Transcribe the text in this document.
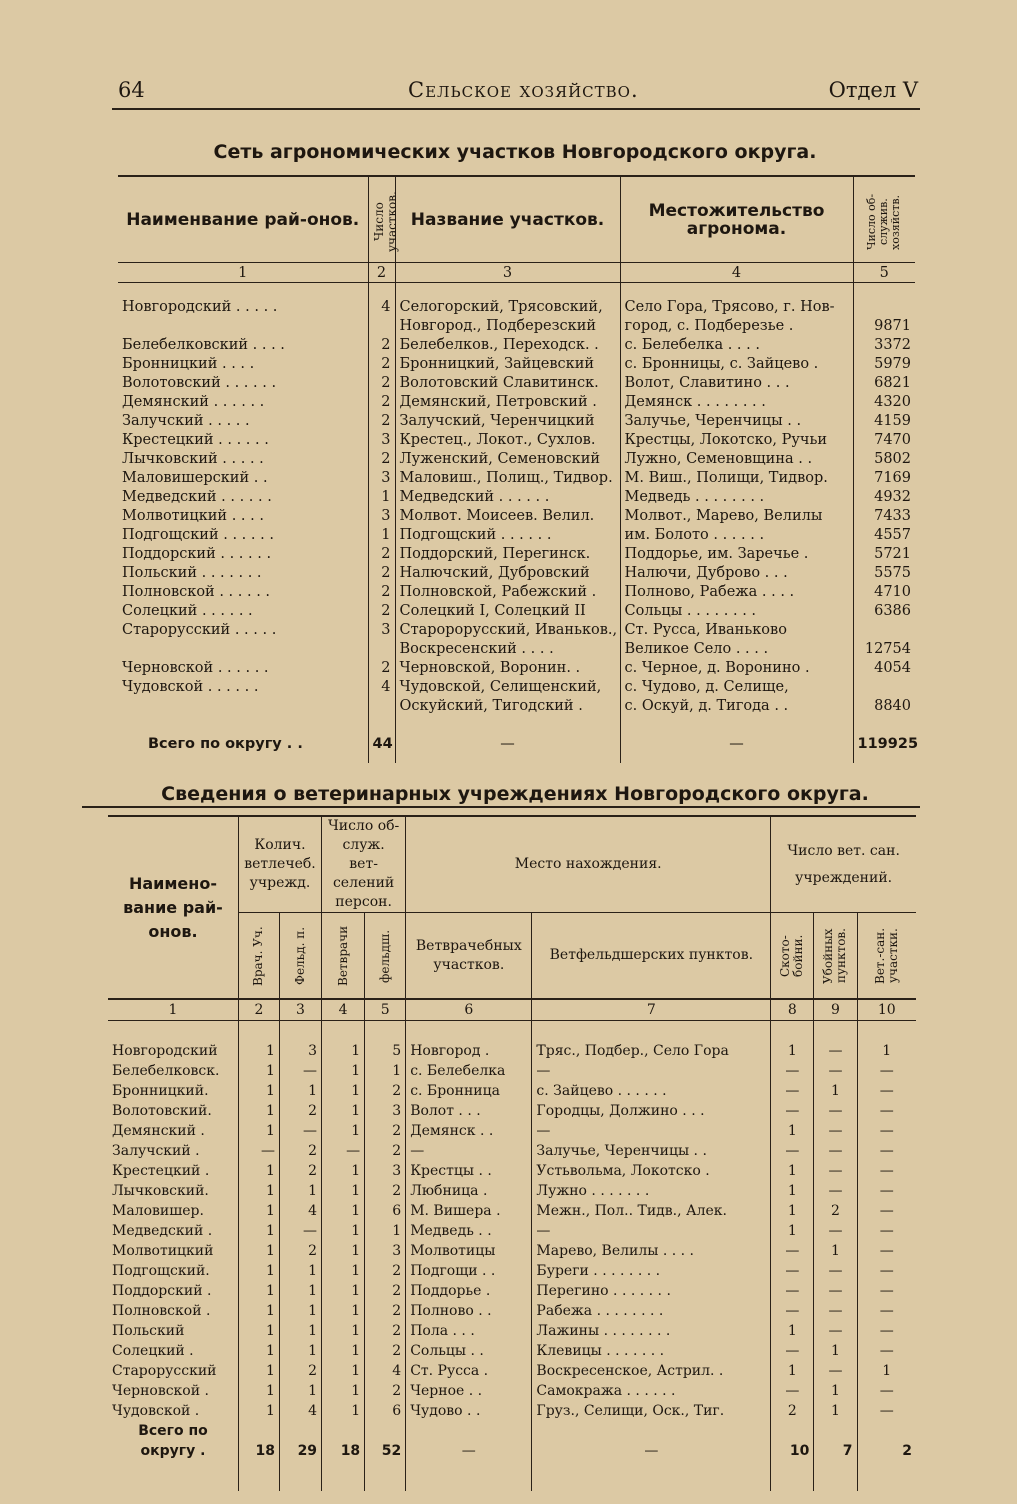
64	Сельское хозяйство.	Отдел V
Сеть агрономических участков Новгородского округа.
Наименвание рай-онов.	Число участков.	Название участков.	Местожительство агронома.	Число об-служив. хозяйств.

1	2	3	4	5

Новгородский . . . . .	4	Селогорский, Трясовский,	Село Гора, Трясово, г. Нов-	
		Новгород., Подберезский	город, с. Подберезье .	9871
Белебелковский . . . .	2	Белебелков., Переходск. .	с. Белебелка . . . .	3372
Бронницкий . . . .	2	Бронницкий, Зайцевский	с. Бронницы, с. Зайцево .	5979
Волотовский . . . . . .	2	Волотовский Славитинск.	Волот, Славитино . . .	6821
Демянский . . . . . .	2	Демянский, Петровский .	Демянск . . . . . . . .	4320
Залучский . . . . .	2	Залучский, Черенчицкий	Залучье, Черенчицы . .	4159
Крестецкий . . . . . .	3	Крестец., Локот., Сухлов.	Крестцы, Локотско, Ручьи	7470
Лычковский . . . . .	2	Луженский, Семеновский	Лужно, Семеновщина . .	5802
Маловишерский . .	3	Маловиш., Полищ., Тидвор.	М. Виш., Полищи, Тидвор.	7169
Медведский . . . . . .	1	Медведский . . . . . .	Медведь . . . . . . . .	4932
Молвотицкий . . . .	3	Молвот. Моисеев. Велил.	Молвот., Марево, Велилы	7433
Подгощский . . . . . .	1	Подгощский . . . . . .	им. Болото . . . . . .	4557
Поддорский . . . . . .	2	Поддорский, Перегинск.	Поддорье, им. Заречье .	5721
Польский . . . . . . .	2	Налючский, Дубровский	Налючи, Дуброво . . .	5575
Полновской . . . . . .	2	Полновской, Рабежский .	Полново, Рабежа . . . .	4710
Солецкий . . . . . .	2	Солецкий I, Солецкий II	Сольцы . . . . . . . .	6386
Старорусский . . . . .	3	Старорорусский, Иваньков.,	Ст. Русса, Иваньково	
		Воскресенский . . . .	Великое Село . . . .	12754
Черновской . . . . . .	2	Черновской, Воронин. .	с. Черное, д. Воронино .	4054
Чудовской . . . . . .	4	Чудовской, Селищенский,	с. Чудово, д. Селище,	
		Оскуйский, Тигодский .	с. Оскуй, д. Тигода . .	8840

Всего по округу . .	44	—	—	119925

Сведения о ветеринарных учреждениях Новгородского округа.
Наимено-вание рай-онов.	Колич. ветлечеб. учрежд.		Число об-служ. вет-селений персон.		Место нахождения.		Число вет. сан. учреждений.		

	Врач. Уч.	Фельд. п.	Ветврачи	фельдш.	Ветврачебных участков.	Ветфельдшерских пунктов.	Ското-бойни.	Убойных пунктов.	Вет.-сан. участки.

1	2	3	4	5	6	7	8	9	10

Новгородский	1	3	1	5	Новгород .	Тряс., Подбер., Село Гора	1	—	1
Белебелковск.	1	—	1	1	с. Белебелка	—	—	—	—
Бронницкий.	1	1	1	2	с. Бронница	с. Зайцево . . . . . .	—	1	—
Волотовский.	1	2	1	3	Волот . . .	Городцы, Должино . . .	—	—	—
Демянский .	1	—	1	2	Демянск . .	—	1	—	—
Залучский .	—	2	—	2	—	Залучье, Черенчицы . .	—	—	—
Крестецкий .	1	2	1	3	Крестцы . .	Устьвольма, Локотско .	1	—	—
Лычковский.	1	1	1	2	Любница .	Лужно . . . . . . .	1	—	—
Маловишер.	1	4	1	6	М. Вишера .	Межн., Пол.. Тидв., Алек.	1	2	—
Медведский .	1	—	1	1	Медведь . .	—	1	—	—
Молвотицкий	1	2	1	3	Молвотицы	Марево, Велилы . . . .	—	1	—
Подгощский.	1	1	1	2	Подгощи . .	Буреги . . . . . . . .	—	—	—
Поддорский .	1	1	1	2	Поддорье .	Перегино . . . . . . .	—	—	—
Полновской .	1	1	1	2	Полново . .	Рабежа . . . . . . . .	—	—	—
Польский	1	1	1	2	Пола . . .	Лажины . . . . . . . .	1	—	—
Солецкий .	1	1	1	2	Сольцы . .	Клевицы . . . . . . .	—	1	—
Старорусский	1	2	1	4	Ст. Русса .	Воскресенское, Астрил. .	1	—	1
Черновской .	1	1	1	2	Черное . .	Самокража . . . . . .	—	1	—
Чудовской .	1	4	1	6	Чудово . .	Груз., Селищи, Оск., Тиг.	2	1	—
Всего по									
округу .	18	29	18	52	—	—	10	7	2
